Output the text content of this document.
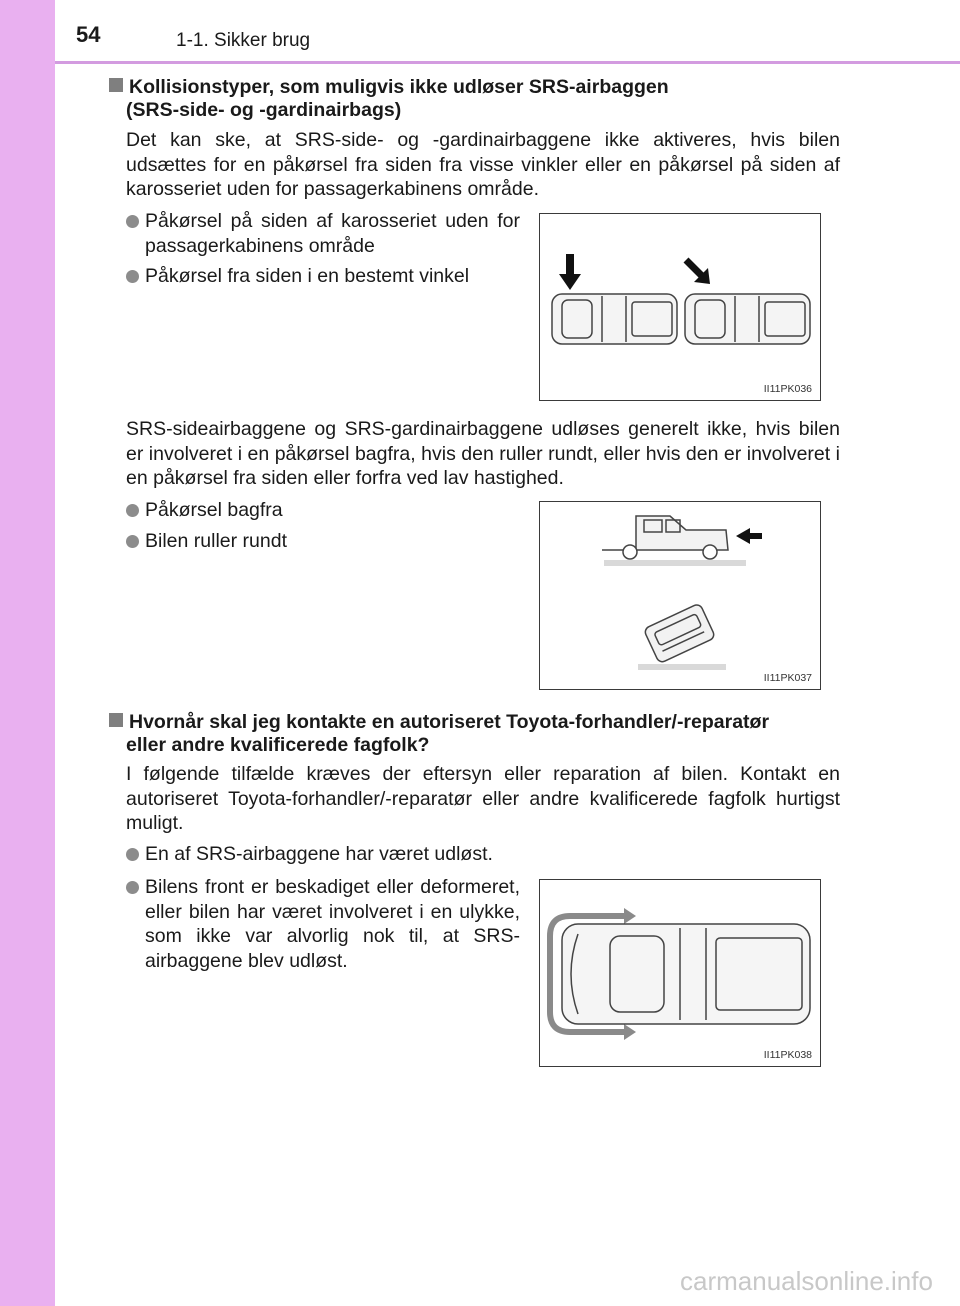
54	1-1. Sikker brug
Kollisionstyper, som muligvis ikke udløser SRS-airbaggen
(SRS-side- og -gardinairbags)
Det kan ske, at SRS-side- og -gardinairbaggene ikke aktiveres, hvis bilen udsættes for en påkørsel fra siden fra visse vinkler eller en påkørsel på siden af karosseriet uden for passagerkabinens område.
Påkørsel på siden af karosseriet uden for passagerkabinens område
Påkørsel fra siden i en bestemt vinkel
II11PK036
SRS-sideairbaggene og SRS-gardinairbaggene udløses generelt ikke, hvis bilen er involveret i en påkørsel bagfra, hvis den ruller rundt, eller hvis den er involveret i en påkørsel fra siden eller forfra ved lav hastighed.
Påkørsel bagfra
Bilen ruller rundt
II11PK037
Hvornår skal jeg kontakte en autoriseret Toyota-forhandler/-reparatør
eller andre kvalificerede fagfolk?
I følgende tilfælde kræves der eftersyn eller reparation af bilen. Kontakt en autoriseret Toyota-forhandler/-reparatør eller andre kvalificerede fagfolk hurtigst muligt.
En af SRS-airbaggene har været udløst.
Bilens front er beskadiget eller deformeret, eller bilen har været involveret i en ulykke, som ikke var alvorlig nok til, at SRS-airbaggene blev udløst.
II11PK038
carmanualsonline.info
